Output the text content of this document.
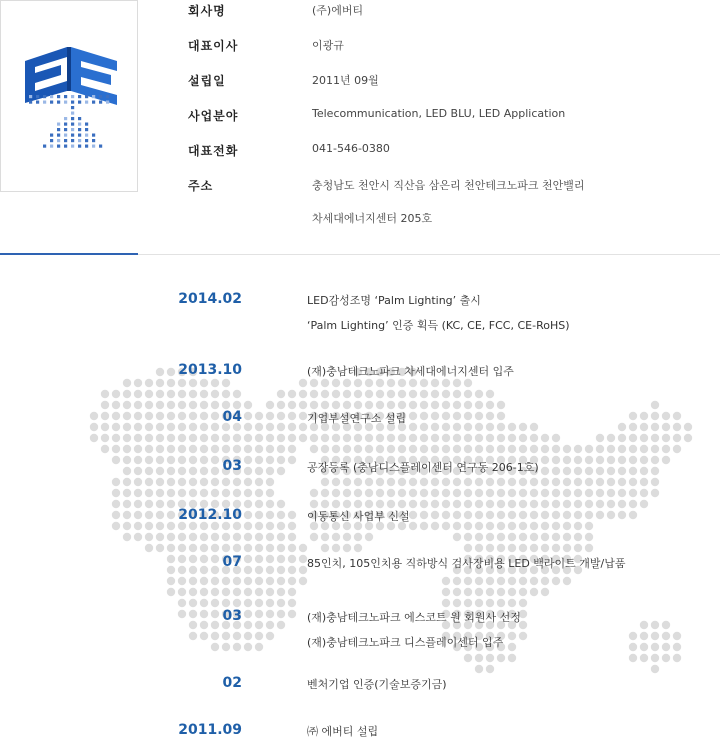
회사명	(주)에버티
대표이사	이광규
설립일	2011년 09월
사업분야	Telecommunication, LED BLU, LED Application
대표전화	041-546-0380
주소	충청남도 천안시 직산읍 삼은리 천안테크노파크 천안밸리
차세대에너지센터 205호
2014.02	LED감성조명 ‘Palm Lighting’ 출시
‘Palm Lighting’ 인증 획득 (KC, CE, FCC, CE-RoHS)
2013.10	(재)충남테크노파크 차세대에너지센터 입주
04	기업부설연구소 설립
03	공장등록 (충남디스플레이센터 연구동 206-1호)
2012.10	이동통신 사업부 신설
07	85인치, 105인치용 직하방식 검사장비용 LED 백라이트 개발/납품
03	(재)충남테크노파크 에스코트 원 회원사 선정
(재)충남테크노파크 디스플레이센터 입주
02	벤처기업 인증(기술보증기금)
2011.09	㈜ 에버티 설립
